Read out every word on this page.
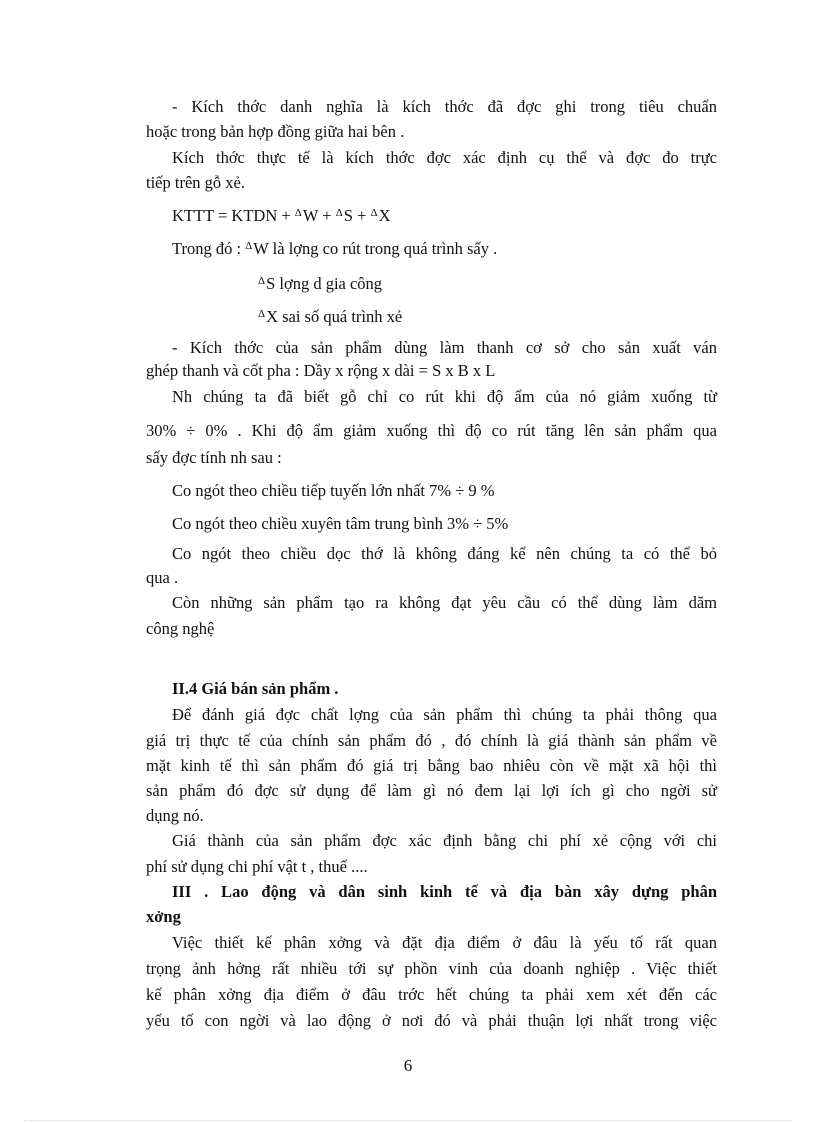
- Kích thớc danh nghĩa là kích thớc đã đợc ghi trong tiêu chuẩn
hoặc trong bản hợp đồng giữa hai bên .
Kích thớc thực tế là kích thớc đợc xác định cụ thể và đợc đo trực
tiếp trên gỗ xẻ.
KTTT = KTDN + $^\Delta$W + $^\Delta$S + $^\Delta$X
Trong đó : $^\Delta$W là lợng co rút trong quá trình sấy .
$^\Delta$S lợng d gia công
$^\Delta$X sai số quá trình xẻ
- Kích thớc của sản phẩm dùng làm thanh cơ sở cho sản xuất ván
ghép thanh và cốt pha : Dầy x rộng x dài = S x B x L
Nh chúng ta đã biết gỗ chỉ co rút khi độ ẩm của nó giảm xuống từ
30% ÷ 0% . Khi độ ẩm giảm xuống thì độ co rút tăng lên sản phẩm qua
sấy đợc tính nh sau :
Co ngót theo chiều tiếp tuyến lớn nhất 7% ÷ 9 %
Co ngót theo chiều xuyên tâm trung bình 3% ÷ 5%
Co ngót theo chiều dọc thớ là không đáng kể nên chúng ta có thể bỏ
qua .
Còn những sản phẩm tạo ra không đạt yêu cầu có thể dùng làm dăm
công nghệ
II.4 Giá bán sản phẩm .
Để đánh giá đợc chất lợng của sản phẩm thì chúng ta phải thông qua
giá trị thực tế của chính sản phẩm đó , đó chính là giá thành sản phẩm về
mặt kinh tế thì sản phẩm đó giá trị bằng bao nhiêu còn về mặt xã hội thì
sản phẩm đó đợc sử dụng để làm gì nó đem lại lợi ích gì cho ngời sử
dụng nó.
Giá thành của sản phẩm đợc xác định bằng chi phí xẻ cộng với chi
phí sử dụng chi phí vật t , thuế ....
III . Lao động và dân sinh kinh tế và địa bàn xây dựng phân
xởng
Việc thiết kế phân xởng và đặt địa điểm ở đâu là yếu tố rất quan
trọng ảnh hởng rất nhiều tới sự phồn vinh của doanh nghiệp . Việc thiết
kế phân xởng địa điểm ở đâu trớc hết chúng ta phải xem xét đến các
yếu tố con ngời và lao động ở nơi đó và phải thuận lợi nhất trong việc
6
